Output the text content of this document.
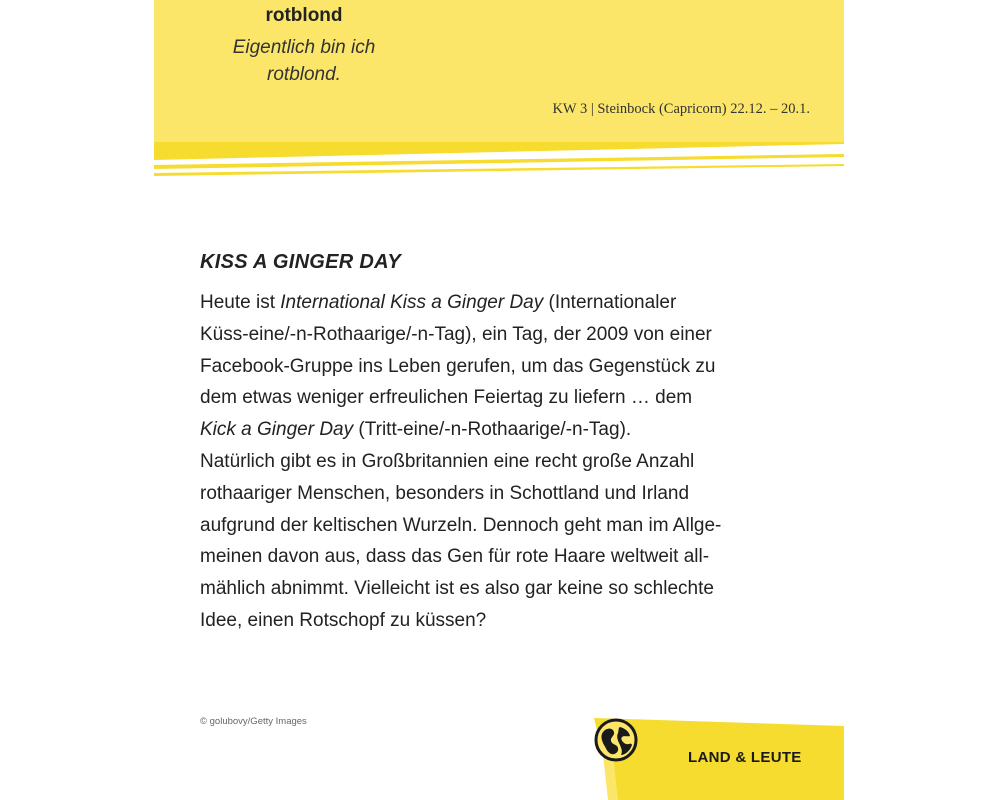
rotblond
Eigentlich bin ich
rotblond.
KW 3 | Steinbock (Capricorn) 22.12. – 20.1.
KISS A GINGER DAY

Heute ist International Kiss a Ginger Day (Internationaler
Küss-eine/-n-Rothaarige/-n-Tag), ein Tag, der 2009 von einer
Facebook-Gruppe ins Leben gerufen, um das Gegenstück zu
dem etwas weniger erfreulichen Feiertag zu liefern … dem
Kick a Ginger Day (Tritt-eine/-n-Rothaarige/-n-Tag).
Natürlich gibt es in Großbritannien eine recht große Anzahl
rothaariger Menschen, besonders in Schottland und Irland
aufgrund der keltischen Wurzeln. Dennoch geht man im Allge-
meinen davon aus, dass das Gen für rote Haare weltweit all-
mählich abnimmt. Vielleicht ist es also gar keine so schlechte
Idee, einen Rotschopf zu küssen?

© golubovy/Getty Images
LAND & LEUTE
